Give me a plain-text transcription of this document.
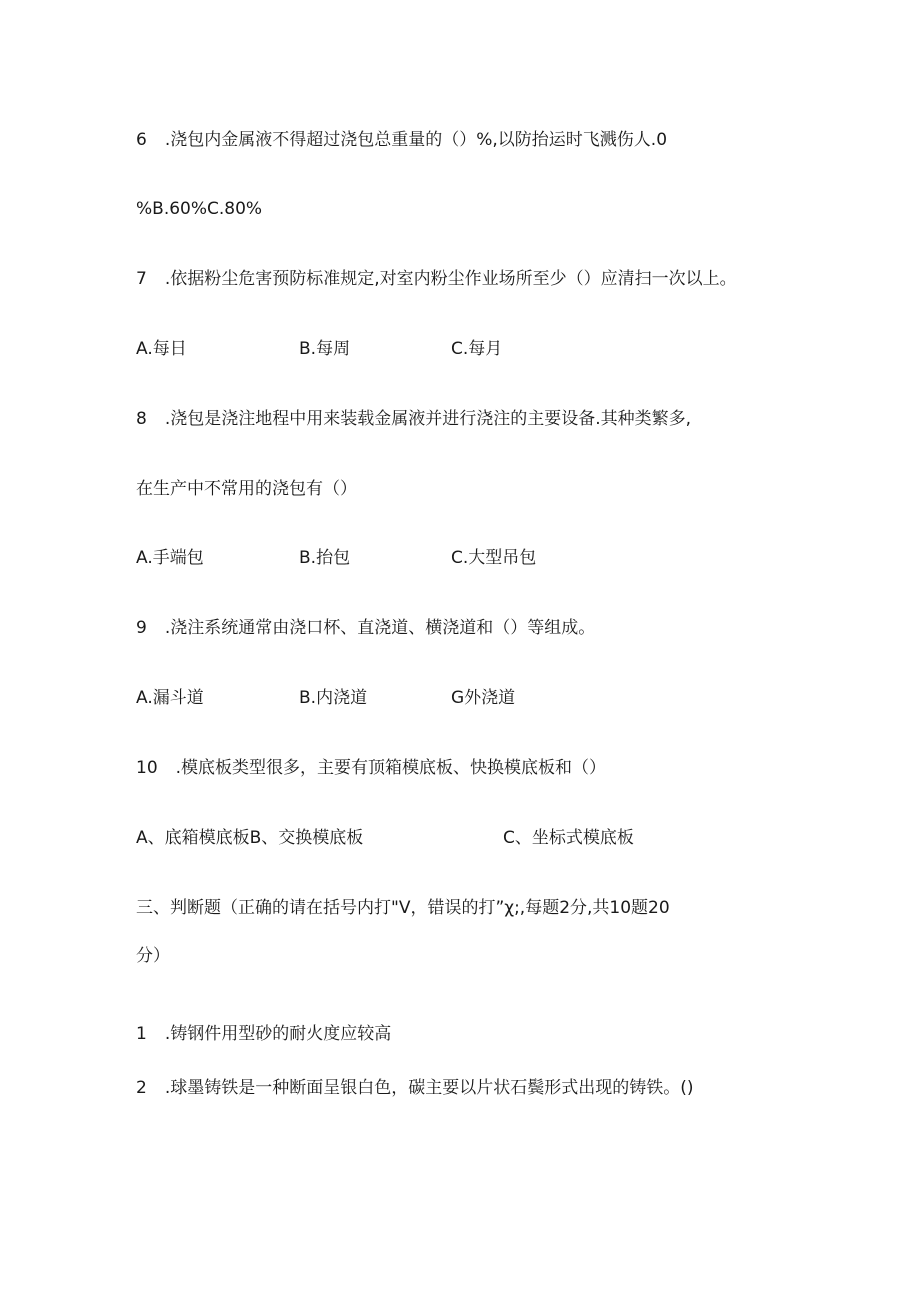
6 .浇包内金属液不得超过浇包总重量的（）%,以防抬运时飞溅伤人.0
%B.60%C.80%
7 .依据粉尘危害预防标准规定,对室内粉尘作业场所至少（）应清扫一次以上。
A.每日	B.每周	C.每月
8 .浇包是浇注地程中用来装载金属液并进行浇注的主要设备.其种类繁多,
在生产中不常用的浇包有（）
A.手端包	B.抬包	C.大型吊包
9 .浇注系统通常由浇口杯、直浇道、横浇道和（）等组成。
A.漏斗道	B.内浇道	G外浇道
10 .模底板类型很多，主要有顶箱模底板、快换模底板和（）
A、底箱模底板B、交换模底板	C、坐标式模底板
三、判断题（正确的请在括号内打"V，错误的打”χ;,每题2分,共10题20
分）
1 .铸钢件用型砂的耐火度应较高
2 .球墨铸铁是一种断面呈银白色，碳主要以片状石鬓形式出现的铸铁。()
